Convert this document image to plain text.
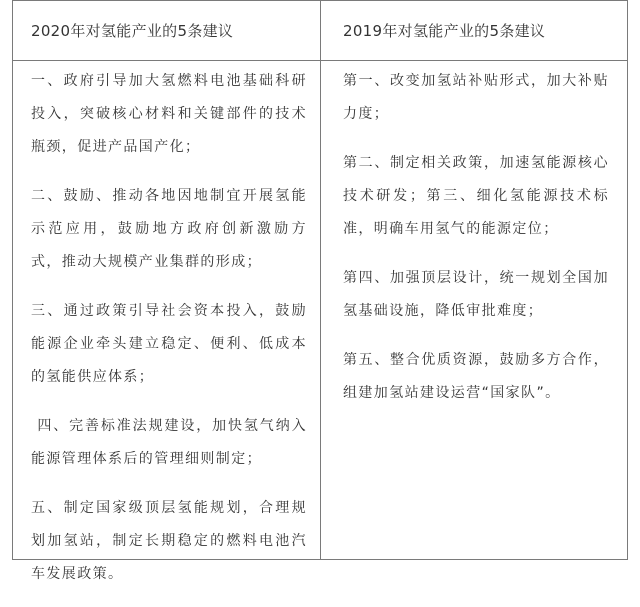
2020年对氢能产业的5条建议	2019年对氢能产业的5条建议

一、政府引导加大氢燃料电池基础科研投入，突破核心材料和关键部件的技术瓶颈，促进产品国产化；

二、鼓励、推动各地因地制宜开展氢能示范应用，鼓励地方政府创新激励方式，推动大规模产业集群的形成；

三、通过政策引导社会资本投入，鼓励能源企业牵头建立稳定、便利、低成本的氢能供应体系；

四、完善标准法规建设，加快氢气纳入能源管理体系后的管理细则制定；

五、制定国家级顶层氢能规划，合理规划加氢站，制定长期稳定的燃料电池汽车发展政策。

第一、改变加氢站补贴形式，加大补贴力度；

第二、制定相关政策，加速氢能源核心技术研发；第三、细化氢能源技术标准，明确车用氢气的能源定位；

第四、加强顶层设计，统一规划全国加氢基础设施，降低审批难度；

第五、整合优质资源，鼓励多方合作，组建加氢站建设运营“国家队”。
